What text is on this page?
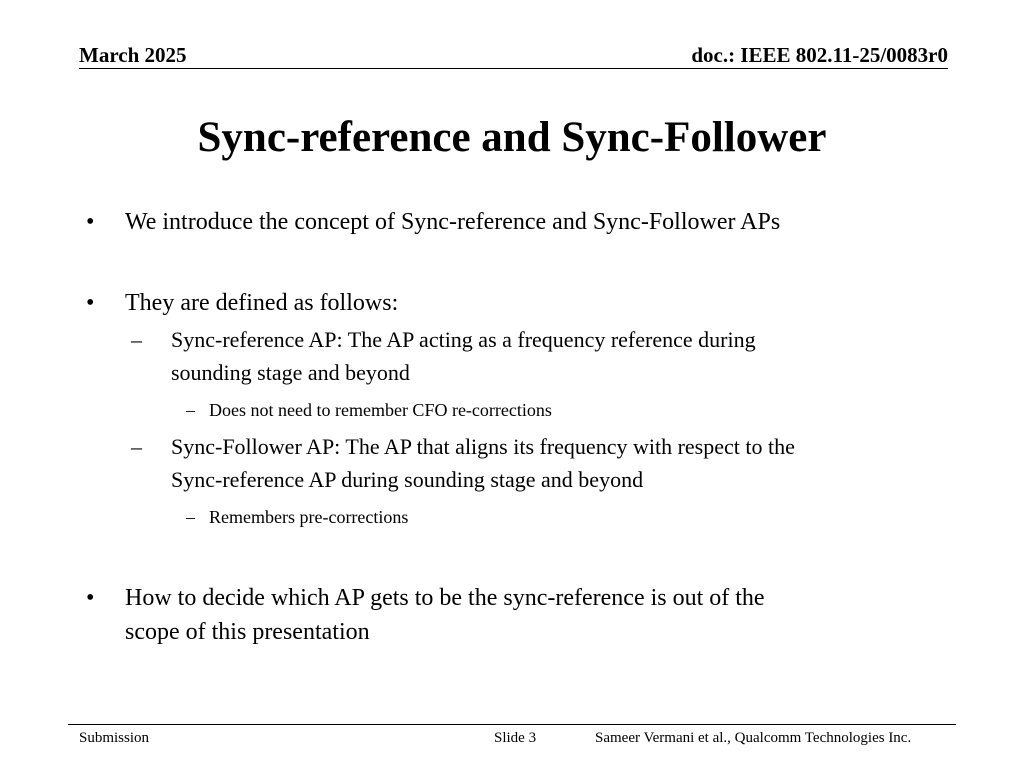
March 2025	doc.: IEEE 802.11-25/0083r0
Sync-reference and Sync-Follower
• We introduce the concept of Sync-reference and Sync-Follower APs
• They are defined as follows:
– Sync-reference AP: The AP acting as a frequency reference during
sounding stage and beyond
– Does not need to remember CFO re-corrections
– Sync-Follower AP: The AP that aligns its frequency with respect to the
Sync-reference AP during sounding stage and beyond
– Remembers pre-corrections
• How to decide which AP gets to be the sync-reference is out of the
scope of this presentation
Submission	Slide 3	Sameer Vermani et al., Qualcomm Technologies Inc.
